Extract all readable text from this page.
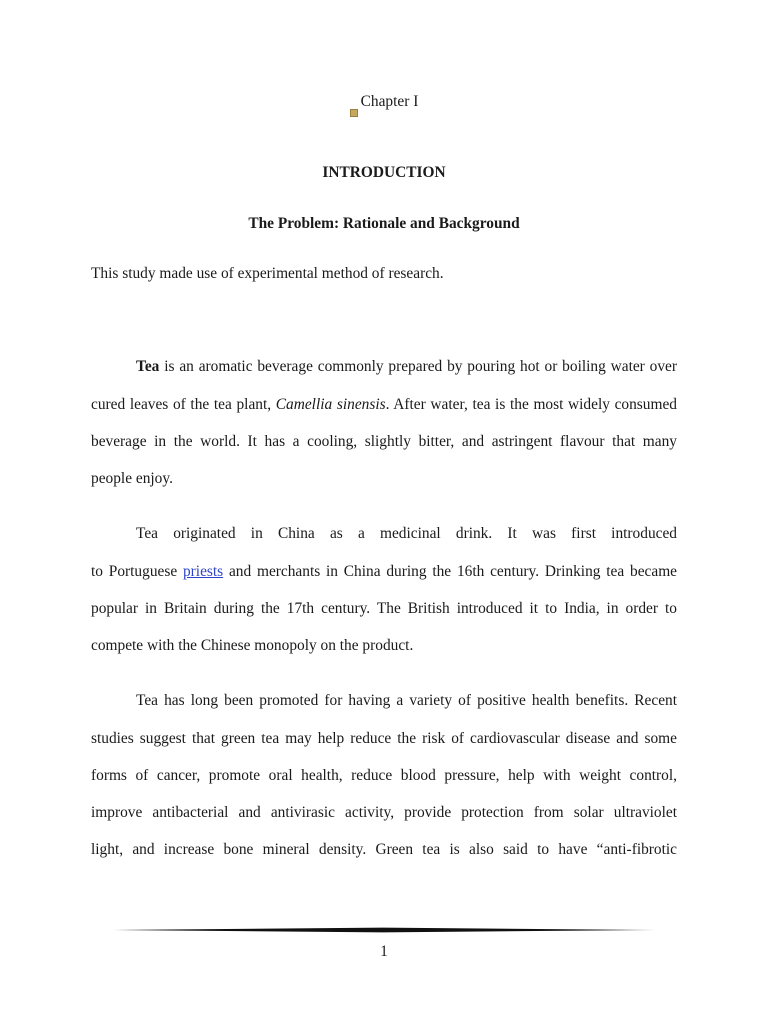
Chapter I
INTRODUCTION
The Problem: Rationale and Background
This study made use of experimental method of research.
Tea is an aromatic beverage commonly prepared by pouring hot or boiling water over
cured leaves of the tea plant, Camellia sinensis. After water, tea is the most widely consumed
beverage in the world. It has a cooling, slightly bitter, and astringent flavour that many
people enjoy.
Tea originated in China as a medicinal drink. It was first introduced
to Portuguese priests and merchants in China during the 16th century. Drinking tea became
popular in Britain during the 17th century. The British introduced it to India, in order to
compete with the Chinese monopoly on the product.
Tea has long been promoted for having a variety of positive health benefits. Recent
studies suggest that green tea may help reduce the risk of cardiovascular disease and some
forms of cancer, promote oral health, reduce blood pressure, help with weight control,
improve antibacterial and antivirasic activity, provide protection from solar ultraviolet
light, and increase bone mineral density. Green tea is also said to have “anti-fibrotic
1
